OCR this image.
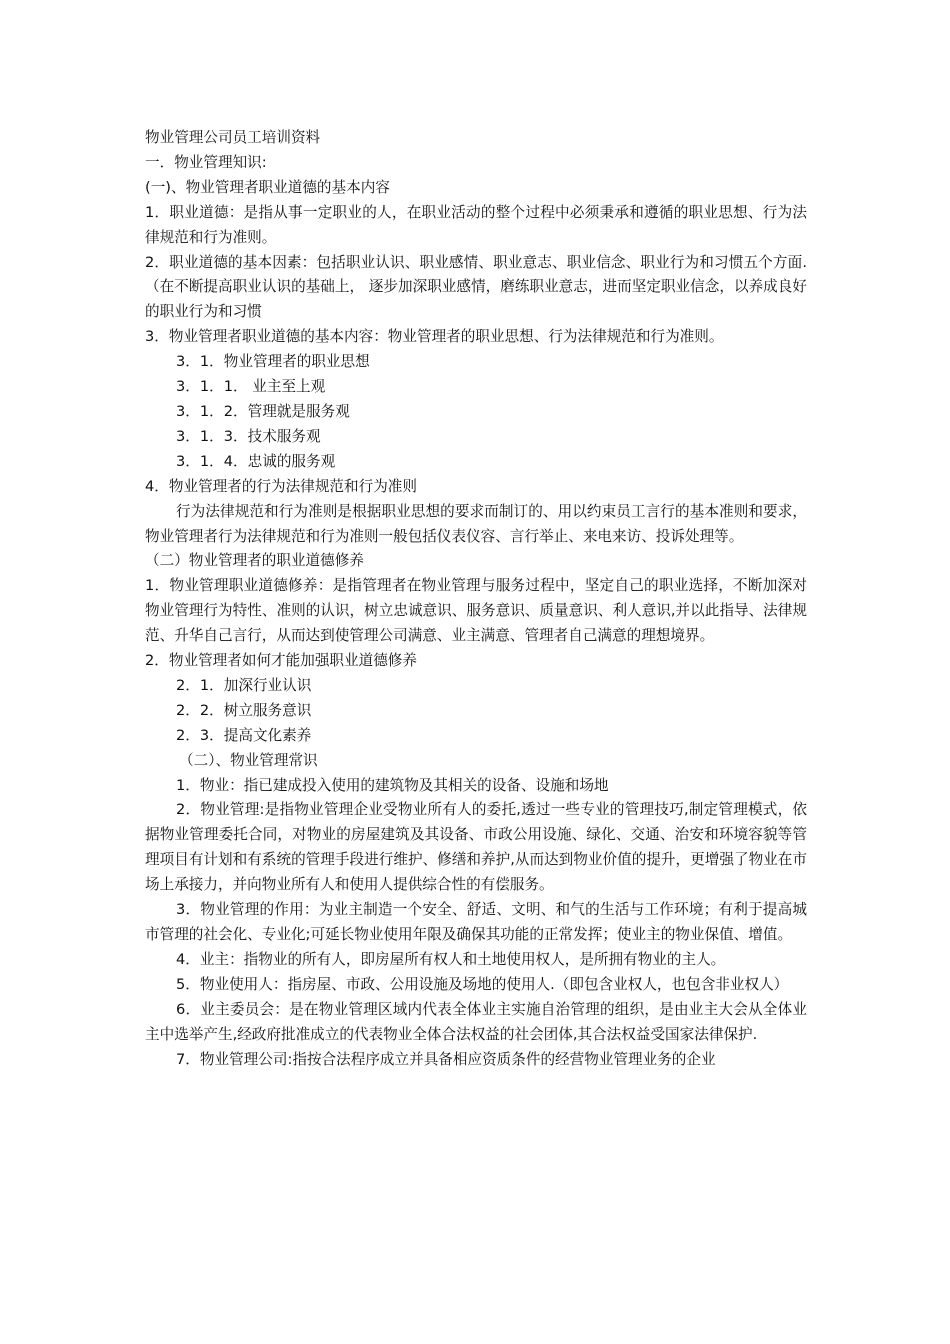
物业管理公司员工培训资料

一．物业管理知识:

(一)、物业管理者职业道德的基本内容

1．职业道德：是指从事一定职业的人，在职业活动的整个过程中必须秉承和遵循的职业思想、行为法律规范和行为准则。

2．职业道德的基本因素：包括职业认识、职业感情、职业意志、职业信念、职业行为和习惯五个方面.（在不断提高职业认识的基础上， 逐步加深职业感情，磨练职业意志，进而坚定职业信念，以养成良好的职业行为和习惯

3．物业管理者职业道德的基本内容：物业管理者的职业思想、行为法律规范和行为准则。

3．1．物业管理者的职业思想

3．1．1． 业主至上观

3．1．2．管理就是服务观

3．1．3．技术服务观

3．1．4．忠诚的服务观

4．物业管理者的行为法律规范和行为准则

行为法律规范和行为准则是根据职业思想的要求而制订的、用以约束员工言行的基本准则和要求，物业管理者行为法律规范和行为准则一般包括仪表仪容、言行举止、来电来访、投诉处理等。

（二）物业管理者的职业道德修养

1．物业管理职业道德修养：是指管理者在物业管理与服务过程中，坚定自己的职业选择，不断加深对物业管理行为特性、准则的认识，树立忠诚意识、服务意识、质量意识、利人意识,并以此指导、法律规范、升华自己言行，从而达到使管理公司满意、业主满意、管理者自己满意的理想境界。

2．物业管理者如何才能加强职业道德修养

2．1．加深行业认识

2．2．树立服务意识

2．3．提高文化素养

（二）、物业管理常识

1．物业：指已建成投入使用的建筑物及其相关的设备、设施和场地

2．物业管理:是指物业管理企业受物业所有人的委托,透过一些专业的管理技巧,制定管理模式，依据物业管理委托合同，对物业的房屋建筑及其设备、市政公用设施、绿化、交通、治安和环境容貌等管理项目有计划和有系统的管理手段进行维护、修缮和养护,从而达到物业价值的提升，更增强了物业在市场上承接力，并向物业所有人和使用人提供综合性的有偿服务。

3．物业管理的作用：为业主制造一个安全、舒适、文明、和气的生活与工作环境；有利于提高城市管理的社会化、专业化;可延长物业使用年限及确保其功能的正常发挥；使业主的物业保值、增值。

4．业主：指物业的所有人，即房屋所有权人和土地使用权人，是所拥有物业的主人。

5．物业使用人：指房屋、市政、公用设施及场地的使用人.（即包含业权人，也包含非业权人）

6．业主委员会：是在物业管理区域内代表全体业主实施自治管理的组织，是由业主大会从全体业主中选举产生,经政府批准成立的代表物业全体合法权益的社会团体,其合法权益受国家法律保护.

7．物业管理公司:指按合法程序成立并具备相应资质条件的经营物业管理业务的企业
